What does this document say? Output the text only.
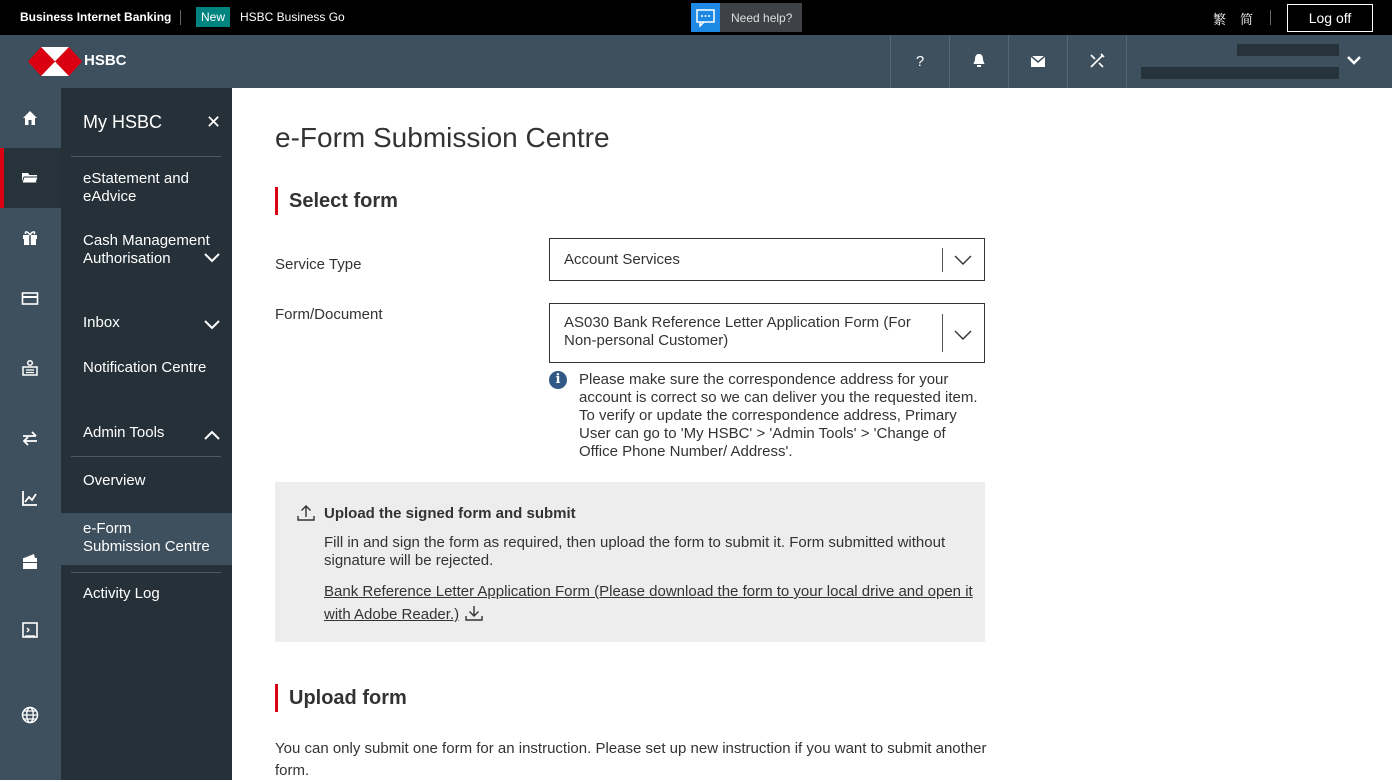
Business Internet Banking	New	HSBC Business Go	Need help?	繁 简	Log off
HSBC	?
My HSBC ✕
eStatement and eAdvice
Cash Management Authorisation
Inbox
Notification Centre
Admin Tools
Overview
e-Form Submission Centre
Activity Log
e-Form Submission Centre
Select form
Service Type	Account Services
Form/Document	AS030 Bank Reference Letter Application Form (For Non-personal Customer)
i	Please make sure the correspondence address for your account is correct so we can deliver you the requested item. To verify or update the correspondence address, Primary User can go to 'My HSBC' > 'Admin Tools' > 'Change of Office Phone Number/ Address'.

Upload the signed form and submit

Fill in and sign the form as required, then upload the form to submit it. Form submitted without signature will be rejected.

Bank Reference Letter Application Form (Please download the form to your local drive and open it with Adobe Reader.)
Upload form

You can only submit one form for an instruction. Please set up new instruction if you want to submit another form.
